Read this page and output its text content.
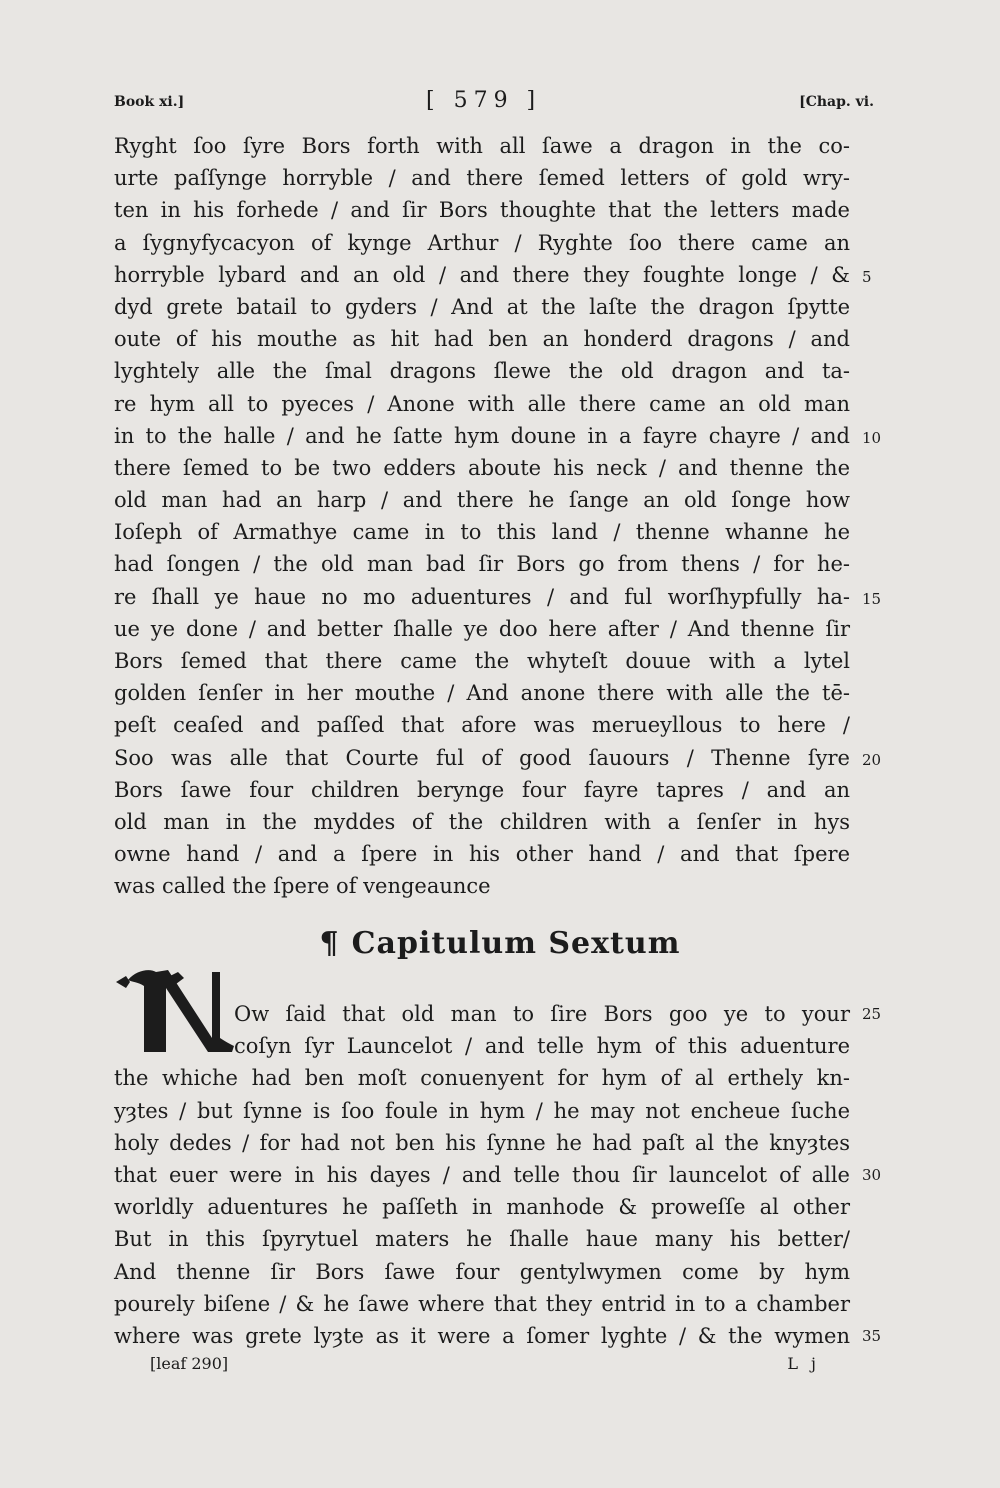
Book xi.]	[ 579 ]	[Chap. vi.
Ryght ſoo ſyre Bors forth with all ſawe a dragon in the co-
urte paſſynge horryble / and there ſemed letters of gold wry-
ten in his forhede / and ſir Bors thoughte that the letters made
a ſygnyfycacyon of kynge Arthur / Ryghte ſoo there came an
horryble lybard and an old / and there they foughte longe / &
dyd grete batail to gyders / And at the laſte the dragon ſpytte
oute of his mouthe as hit had ben an honderd dragons / and
lyghtely alle the ſmal dragons ſlewe the old dragon and ta-
re hym all to pyeces / Anone with alle there came an old man
in to the halle / and he ſatte hym doune in a fayre chayre / and
there ſemed to be two edders aboute his neck / and thenne the
old man had an harp / and there he ſange an old ſonge how
Ioſeph of Armathye came in to this land / thenne whanne he
had ſongen / the old man bad ſir Bors go from thens / for he-
re ſhall ye haue no mo aduentures / and ful worſhypfully ha-
ue ye done / and better ſhalle ye doo here after / And thenne ſir
Bors ſemed that there came the whyteſt douue with a lytel
golden ſenſer in her mouthe / And anone there with alle the tē-
peſt ceaſed and paſſed that afore was merueyllous to here /
Soo was alle that Courte ful of good ſauours / Thenne ſyre
Bors ſawe four children berynge four fayre tapres / and an
old man in the myddes of the children with a ſenſer in hys
owne hand / and a ſpere in his other hand / and that ſpere
was called the ſpere of vengeaunce
¶ Capitulum Sextum
Ow ſaid that old man to ſire Bors goo ye to your
coſyn ſyr Launcelot / and telle hym of this aduenture
the whiche had ben moſt conuenyent for hym of al erthely kn-
yȝtes / but ſynne is ſoo foule in hym / he may not encheue ſuche
holy dedes / for had not ben his ſynne he had paſt al the knyȝtes
that euer were in his dayes / and telle thou ſir launcelot of alle
worldly aduentures he paſſeth in manhode & proweſſe al other
But in this ſpyrytuel maters he ſhalle haue many his better/
And thenne ſir Bors ſawe four gentylwymen come by hym
pourely biſene / & he ſawe where that they entrid in to a chamber
where was grete lyȝte as it were a ſomer lyghte / & the wymen
5
10
15
20
25
30
35
[leaf 290]	L j
